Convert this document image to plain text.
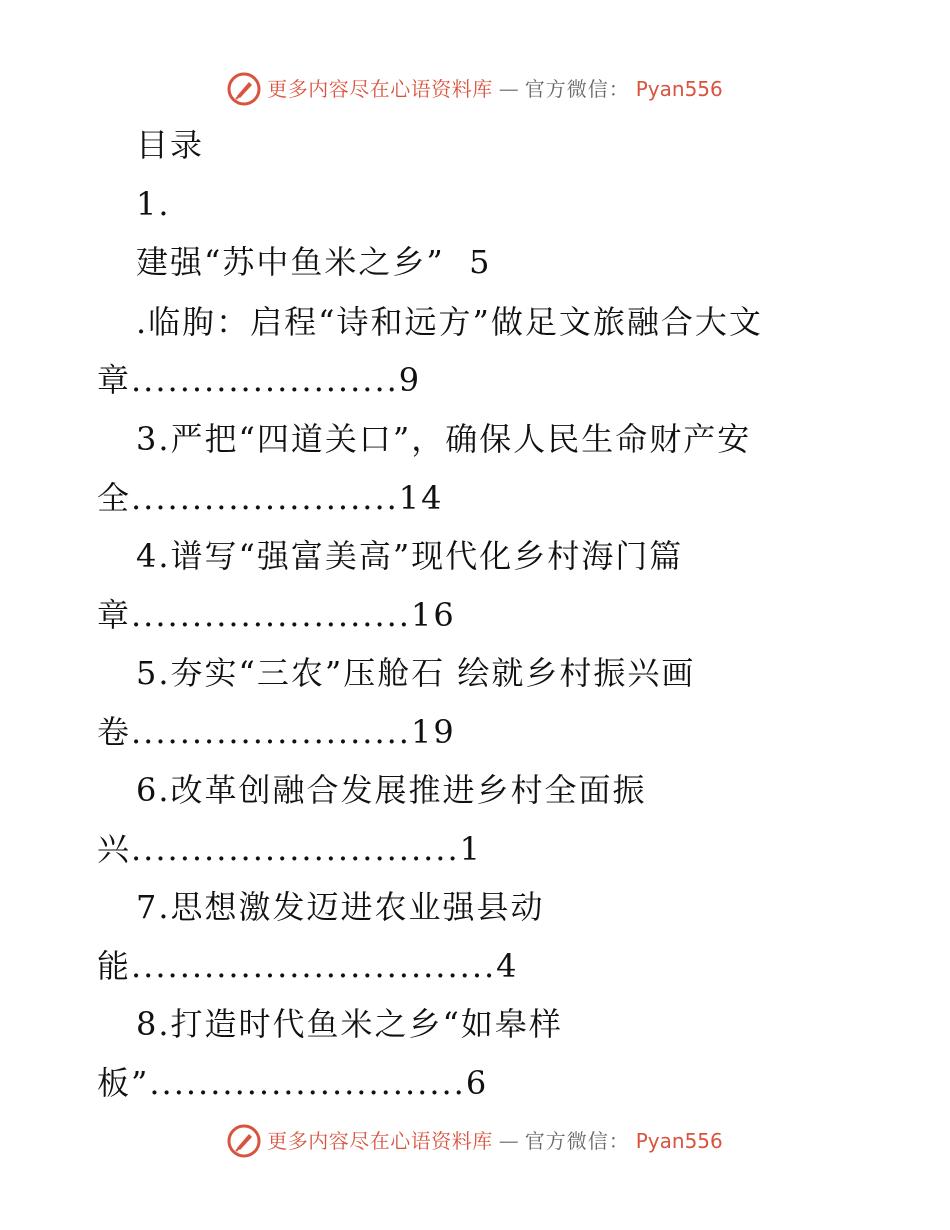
更多内容尽在心语资料库 — 官方微信： Pyan556
目录
1.
建强“苏中鱼米之乡”  5
.临朐：启程“诗和远方”做足文旅融合大文
章......................9
3.严把“四道关口”，确保人民生命财产安
全......................14
4.谱写“强富美高”现代化乡村海门篇
章.......................16
5.夯实“三农”压舱石 绘就乡村振兴画
卷.......................19
6.改革创融合发展推进乡村全面振
兴...........................1
7.思想激发迈进农业强县动
能..............................4
8.打造时代鱼米之乡“如皋样
板”..........................6
更多内容尽在心语资料库 — 官方微信： Pyan556
